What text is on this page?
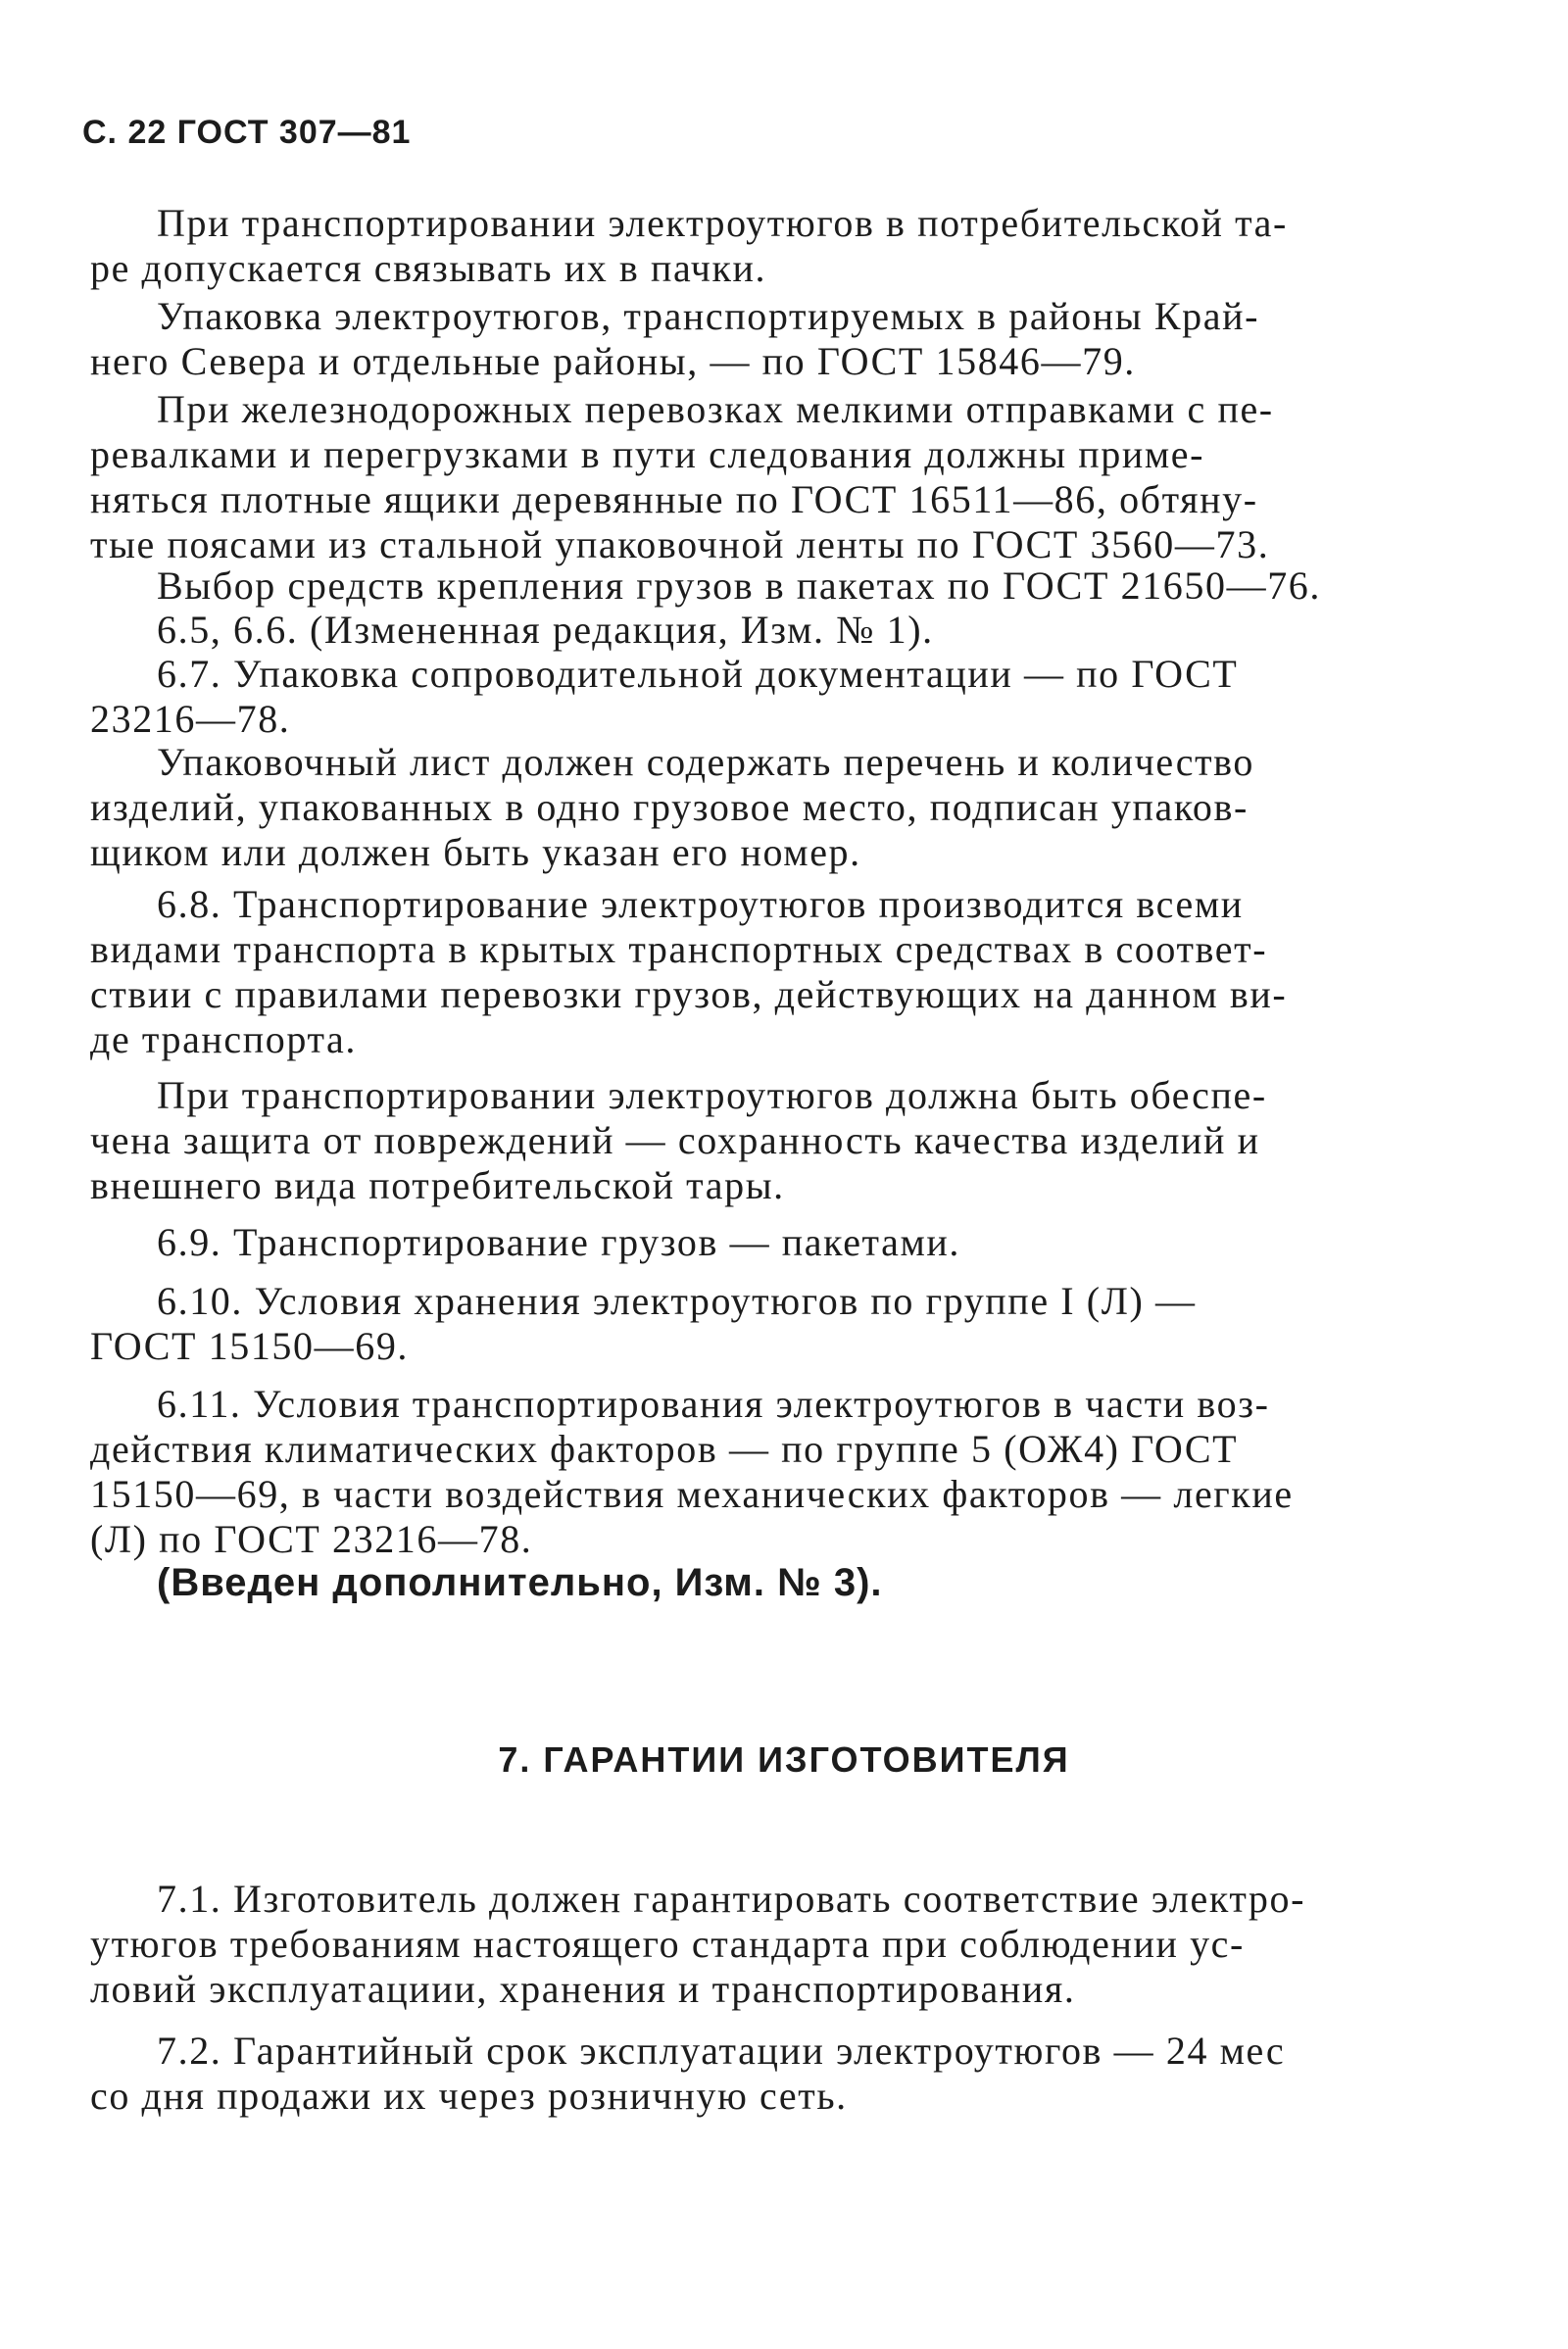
С. 22 ГОСТ 307—81
При транспортировании электроутюгов в потребительской та-
ре допускается связывать их в пачки.
Упаковка электроутюгов, транспортируемых в районы Край-
него Севера и отдельные районы, — по ГОСТ 15846—79.
При железнодорожных перевозках мелкими отправками с пе-
ревалками и перегрузками в пути следования должны приме-
няться плотные ящики деревянные по ГОСТ 16511—86, обтяну-
тые поясами из стальной упаковочной ленты по ГОСТ 3560—73.
Выбор средств крепления грузов в пакетах по ГОСТ 21650—76.
6.5, 6.6. (Измененная редакция, Изм. № 1).
6.7. Упаковка сопроводительной документации — по ГОСТ
23216—78.
Упаковочный лист должен содержать перечень и количество
изделий, упакованных в одно грузовое место, подписан упаков-
щиком или должен быть указан его номер.
6.8. Транспортирование электроутюгов производится всеми
видами транспорта в крытых транспортных средствах в соответ-
ствии с правилами перевозки грузов, действующих на данном ви-
де транспорта.
При транспортировании электроутюгов должна быть обеспе-
чена защита от повреждений — сохранность качества изделий и
внешнего вида потребительской тары.
6.9. Транспортирование грузов — пакетами.
6.10. Условия хранения электроутюгов по группе I (Л) —
ГОСТ 15150—69.
6.11. Условия транспортирования электроутюгов в части воз-
действия климатических факторов — по группе 5 (ОЖ4) ГОСТ
15150—69, в части воздействия механических факторов — легкие
(Л) по ГОСТ 23216—78.
(Введен дополнительно, Изм. № 3).
7. ГАРАНТИИ ИЗГОТОВИТЕЛЯ
7.1. Изготовитель должен гарантировать соответствие электро-
утюгов требованиям настоящего стандарта при соблюдении ус-
ловий эксплуатациии, хранения и транспортирования.
7.2. Гарантийный срок эксплуатации электроутюгов — 24 мес
со дня продажи их через розничную сеть.
